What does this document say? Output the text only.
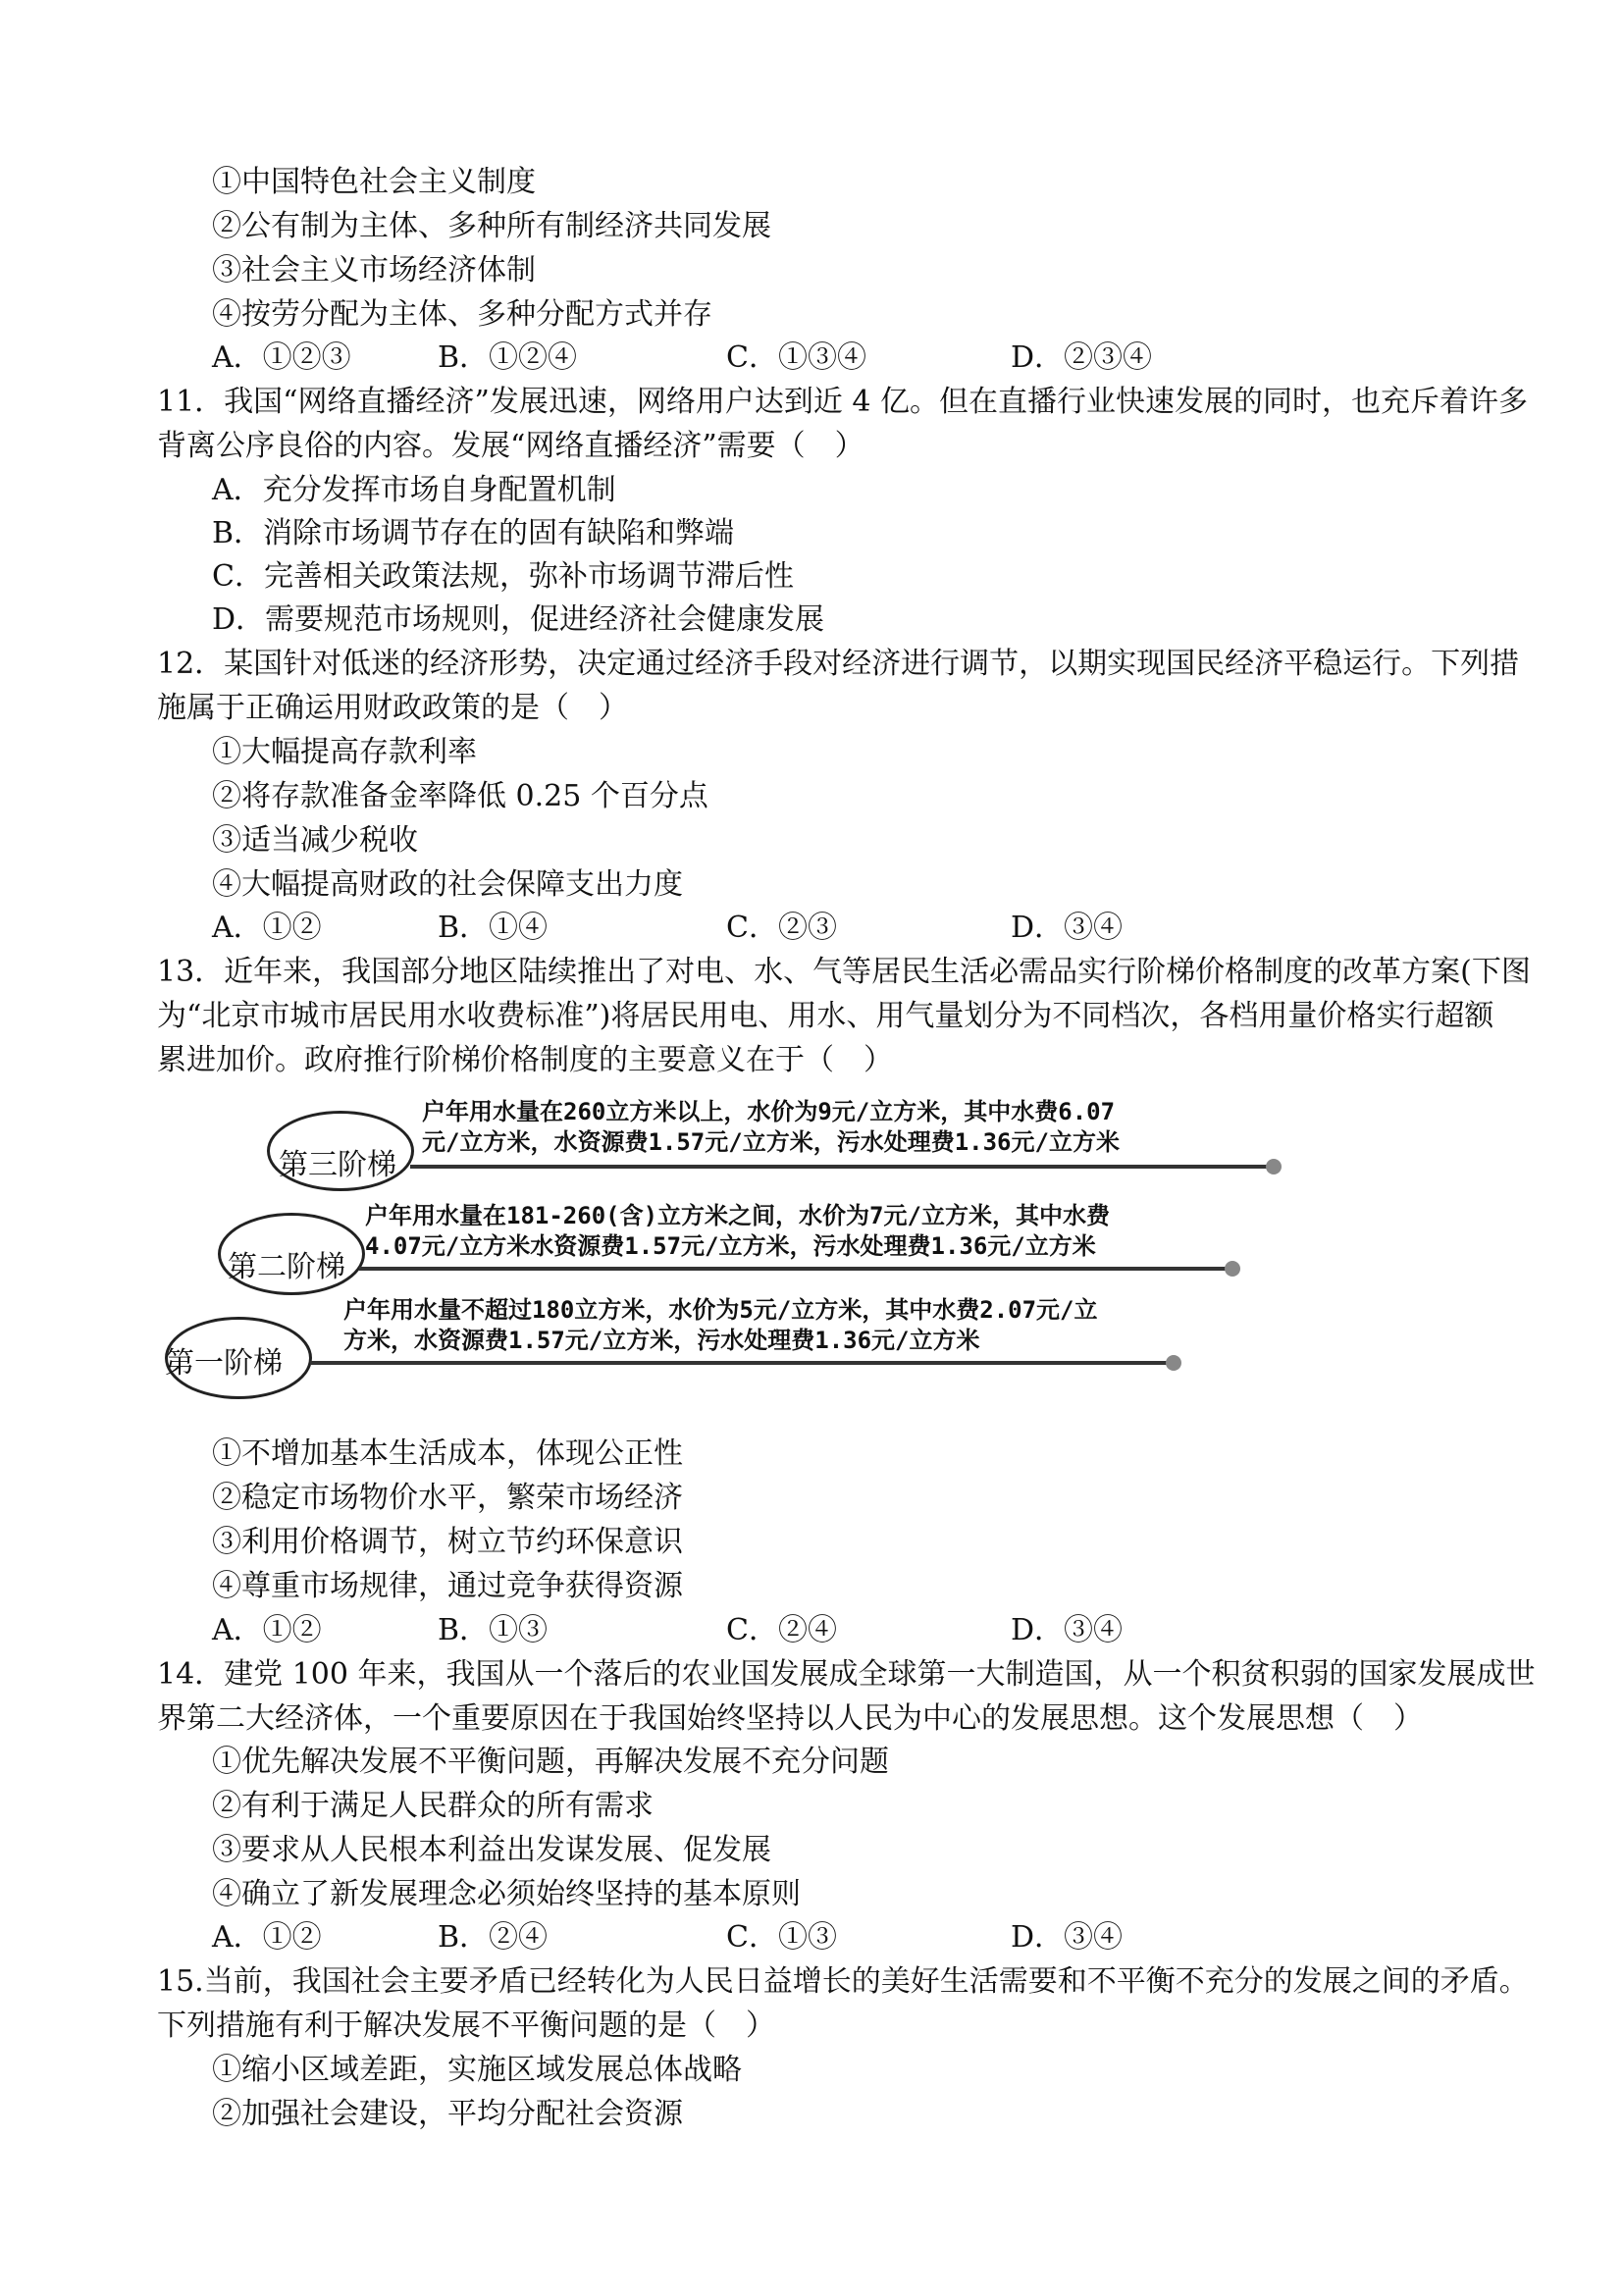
①中国特色社会主义制度
②公有制为主体、多种所有制经济共同发展
③社会主义市场经济体制
④按劳分配为主体、多种分配方式并存
A．①②③	B．①②④	C．①③④	D．②③④
11．我国“网络直播经济”发展迅速，网络用户达到近 4 亿。但在直播行业快速发展的同时，也充斥着许多
背离公序良俗的内容。发展“网络直播经济”需要（　）
A．充分发挥市场自身配置机制
B．消除市场调节存在的固有缺陷和弊端
C．完善相关政策法规，弥补市场调节滞后性
D．需要规范市场规则，促进经济社会健康发展
12．某国针对低迷的经济形势，决定通过经济手段对经济进行调节，以期实现国民经济平稳运行。下列措
施属于正确运用财政政策的是（　）
①大幅提高存款利率
②将存款准备金率降低 0.25 个百分点
③适当减少税收
④大幅提高财政的社会保障支出力度
A．①②	B．①④	C．②③	D．③④
13．近年来，我国部分地区陆续推出了对电、水、气等居民生活必需品实行阶梯价格制度的改革方案(下图
为“北京市城市居民用水收费标准”)将居民用电、用水、用气量划分为不同档次，各档用量价格实行超额
累进加价。政府推行阶梯价格制度的主要意义在于（　）
第三阶梯
户年用水量在260立方米以上，水价为9元/立方米，其中水费6.07
元/立方米，水资源费1.57元/立方米，污水处理费1.36元/立方米
第二阶梯
户年用水量在181-260(含)立方米之间，水价为7元/立方米，其中水费
4.07元/立方米水资源费1.57元/立方米，污水处理费1.36元/立方米
第一阶梯
户年用水量不超过180立方米，水价为5元/立方米，其中水费2.07元/立
方米，水资源费1.57元/立方米，污水处理费1.36元/立方米
①不增加基本生活成本，体现公正性
②稳定市场物价水平，繁荣市场经济
③利用价格调节，树立节约环保意识
④尊重市场规律，通过竞争获得资源
A．①②	B．①③	C．②④	D．③④
14．建党 100 年来，我国从一个落后的农业国发展成全球第一大制造国，从一个积贫积弱的国家发展成世
界第二大经济体，一个重要原因在于我国始终坚持以人民为中心的发展思想。这个发展思想（　）
①优先解决发展不平衡问题，再解决发展不充分问题
②有利于满足人民群众的所有需求
③要求从人民根本利益出发谋发展、促发展
④确立了新发展理念必须始终坚持的基本原则
A．①②	B．②④	C．①③	D．③④
15.当前，我国社会主要矛盾已经转化为人民日益增长的美好生活需要和不平衡不充分的发展之间的矛盾。
下列措施有利于解决发展不平衡问题的是（　）
①缩小区域差距，实施区域发展总体战略
②加强社会建设，平均分配社会资源
